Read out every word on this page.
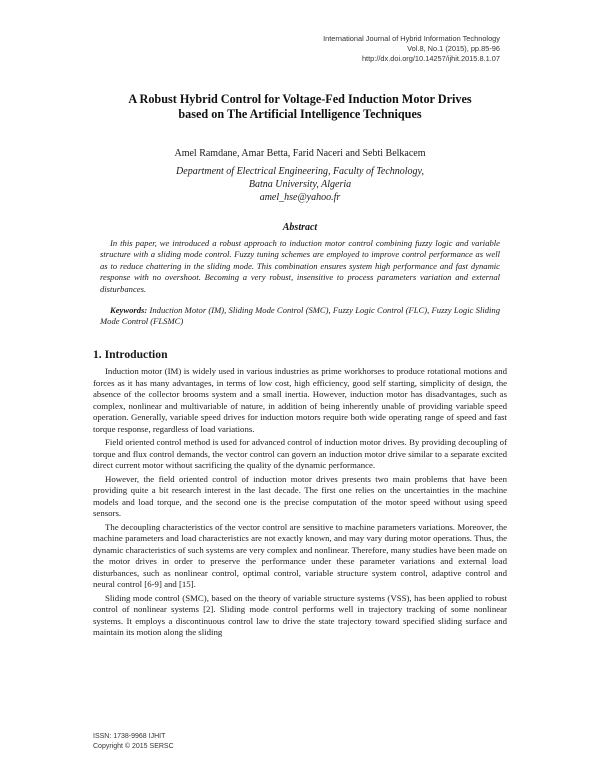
International Journal of Hybrid Information Technology
Vol.8, No.1 (2015), pp.85-96
http://dx.doi.org/10.14257/ijhit.2015.8.1.07
A Robust Hybrid Control for Voltage-Fed Induction Motor Drives
based on The Artificial Intelligence Techniques
Amel Ramdane, Amar Betta, Farid Naceri and Sebti Belkacem
Department of Electrical Engineering, Faculty of Technology,
Batna University, Algeria
amel_hse@yahoo.fr
Abstract
In this paper, we introduced a robust approach to induction motor control combining fuzzy logic and variable structure with a sliding mode control. Fuzzy tuning schemes are employed to improve control performance as well as to reduce chattering in the sliding mode. This combination ensures system high performance and fast dynamic response with no overshoot. Becoming a very robust, insensitive to process parameters variation and external disturbances.
Keywords: Induction Motor (IM), Sliding Mode Control (SMC), Fuzzy Logic Control (FLC), Fuzzy Logic Sliding Mode Control (FLSMC)
1. Introduction

Induction motor (IM) is widely used in various industries as prime workhorses to produce rotational motions and forces as it has many advantages, in terms of low cost, high efficiency, good self starting, simplicity of design, the absence of the collector brooms system and a small inertia. However, induction motor has disadvantages, such as complex, nonlinear and multivariable of nature, in addition of being inherently unable of providing variable speed operation. Generally, variable speed drives for induction motors require both wide operating range of speed and fast torque response, regardless of load variations.

Field oriented control method is used for advanced control of induction motor drives. By providing decoupling of torque and flux control demands, the vector control can govern an induction motor drive similar to a separate excited direct current motor without sacrificing the quality of the dynamic performance.

However, the field oriented control of induction motor drives presents two main problems that have been providing quite a bit research interest in the last decade. The first one relies on the uncertainties in the machine models and load torque, and the second one is the precise computation of the motor speed without using speed sensors.

The decoupling characteristics of the vector control are sensitive to machine parameters variations. Moreover, the machine parameters and load characteristics are not exactly known, and may vary during motor operations. Thus, the dynamic characteristics of such systems are very complex and nonlinear. Therefore, many studies have been made on the motor drives in order to preserve the performance under these parameter variations and external load disturbances, such as nonlinear control, optimal control, variable structure system control, adaptive control and neural control [6-9] and [15].

Sliding mode control (SMC), based on the theory of variable structure systems (VSS), has been applied to robust control of nonlinear systems [2]. Sliding mode control performs well in trajectory tracking of some nonlinear systems. It employs a discontinuous control law to drive the state trajectory toward specified sliding surface and maintain its motion along the sliding

ISSN: 1738-9968 IJHIT
Copyright © 2015 SERSC
